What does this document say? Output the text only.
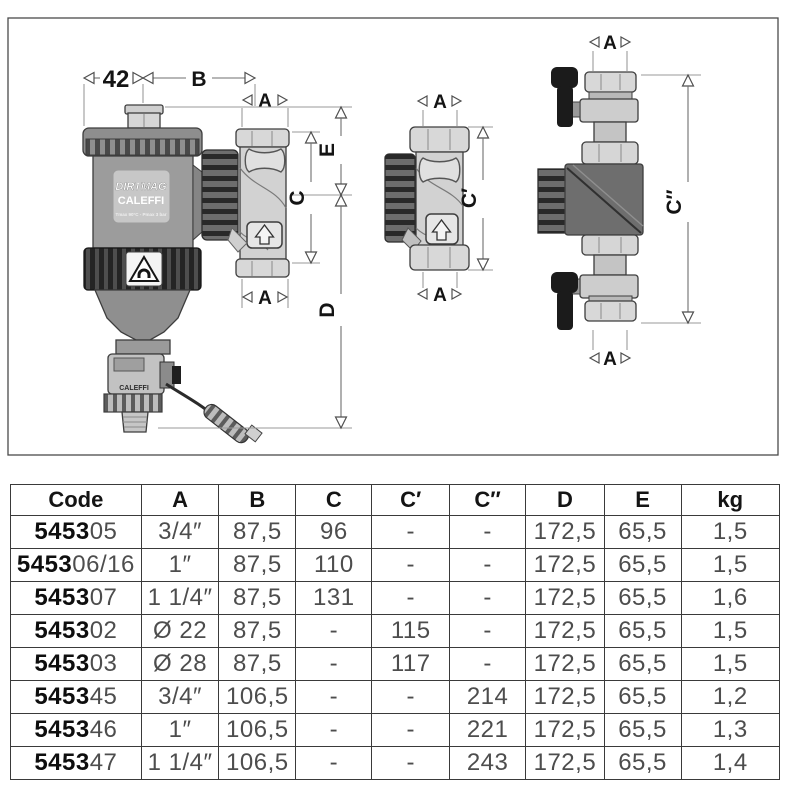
42	B
DIRTMAG
CALEFFI
Tmax 90°C - Pmax 3 bar
CALEFFI
A
A
E
D
C
A
A
C′
A
A
C″
Code	A	B	C	C′	C″	D	E	kg
545305	3/4″	87,5	96	-	-	172,5	65,5	1,5
545306/16	1″	87,5	110	-	-	172,5	65,5	1,5
545307	1 1/4″	87,5	131	-	-	172,5	65,5	1,6
545302	Ø 22	87,5	-	115	-	172,5	65,5	1,5
545303	Ø 28	87,5	-	117	-	172,5	65,5	1,5
545345	3/4″	106,5	-	-	214	172,5	65,5	1,2
545346	1″	106,5	-	-	221	172,5	65,5	1,3
545347	1 1/4″	106,5	-	-	243	172,5	65,5	1,4
